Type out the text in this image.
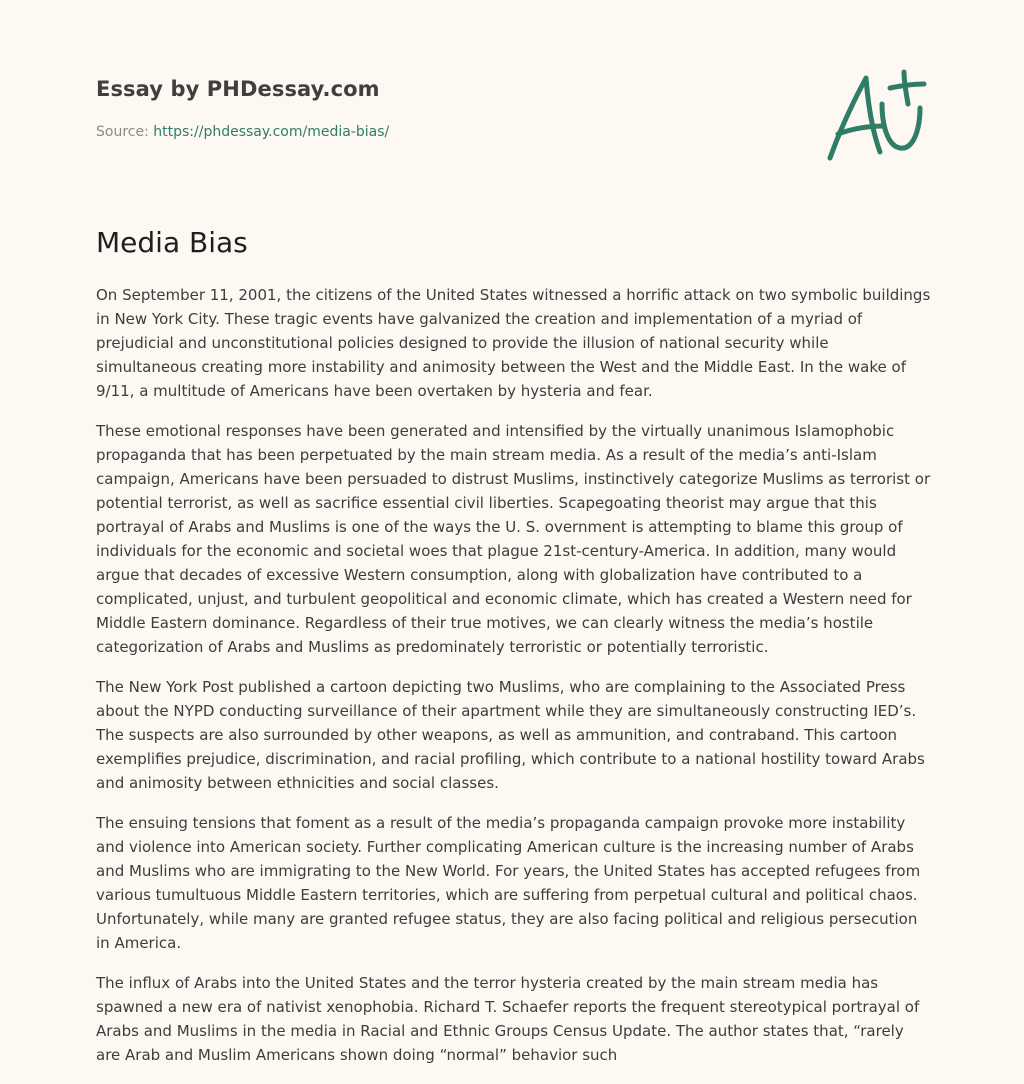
Essay by PHDessay.com

Source: https://phdessay.com/media-bias/

Media Bias

On September 11, 2001, the citizens of the United States witnessed a horrific attack on two symbolic buildings in New York City. These tragic events have galvanized the creation and implementation of a myriad of prejudicial and unconstitutional policies designed to provide the illusion of national security while simultaneous creating more instability and animosity between the West and the Middle East. In the wake of 9/11, a multitude of Americans have been overtaken by hysteria and fear.

These emotional responses have been generated and intensified by the virtually unanimous Islamophobic propaganda that has been perpetuated by the main stream media. As a result of the media’s anti-Islam campaign, Americans have been persuaded to distrust Muslims, instinctively categorize Muslims as terrorist or potential terrorist, as well as sacrifice essential civil liberties. Scapegoating theorist may argue that this portrayal of Arabs and Muslims is one of the ways the U. S. overnment is attempting to blame this group of individuals for the economic and societal woes that plague 21st-century-America. In addition, many would argue that decades of excessive Western consumption, along with globalization have contributed to a complicated, unjust, and turbulent geopolitical and economic climate, which has created a Western need for Middle Eastern dominance. Regardless of their true motives, we can clearly witness the media’s hostile categorization of Arabs and Muslims as predominately terroristic or potentially terroristic.

The New York Post published a cartoon depicting two Muslims, who are complaining to the Associated Press about the NYPD conducting surveillance of their apartment while they are simultaneously constructing IED’s. The suspects are also surrounded by other weapons, as well as ammunition, and contraband. This cartoon exemplifies prejudice, discrimination, and racial profiling, which contribute to a national hostility toward Arabs and animosity between ethnicities and social classes.

The ensuing tensions that foment as a result of the media’s propaganda campaign provoke more instability and violence into American society. Further complicating American culture is the increasing number of Arabs and Muslims who are immigrating to the New World. For years, the United States has accepted refugees from various tumultuous Middle Eastern territories, which are suffering from perpetual cultural and political chaos. Unfortunately, while many are granted refugee status, they are also facing political and religious persecution in America.

The influx of Arabs into the United States and the terror hysteria created by the main stream media has spawned a new era of nativist xenophobia. Richard T. Schaefer reports the frequent stereotypical portrayal of Arabs and Muslims in the media in Racial and Ethnic Groups Census Update. The author states that, “rarely are Arab and Muslim Americans shown doing “normal” behavior such
